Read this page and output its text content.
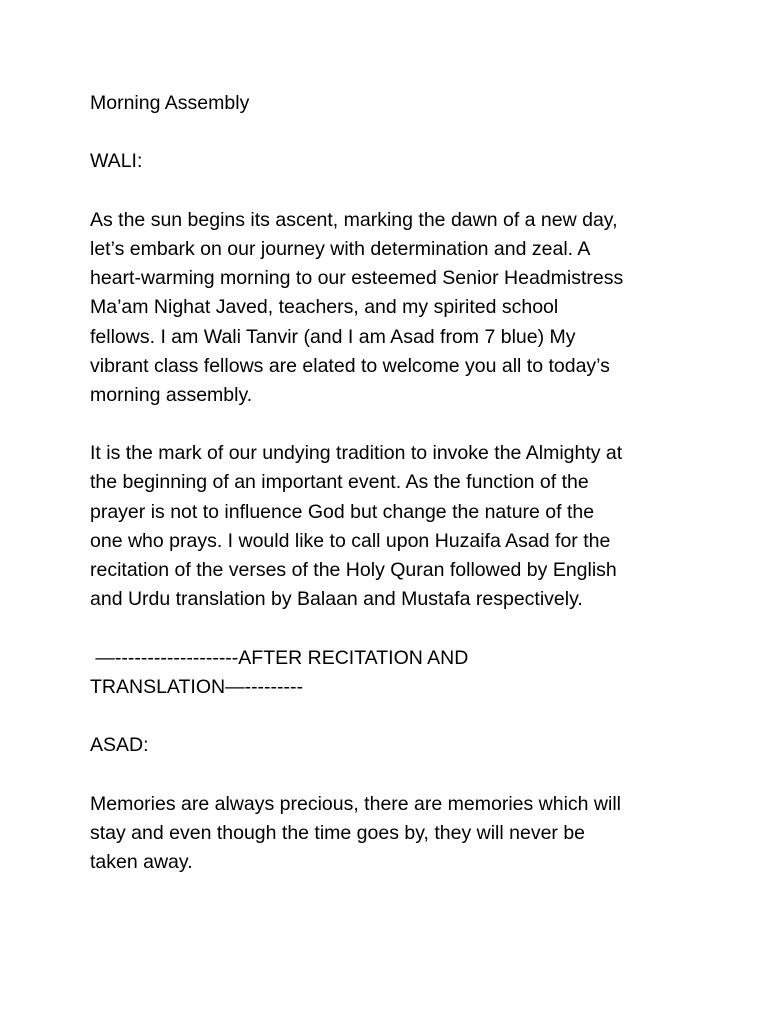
Morning Assembly
WALI:
As the sun begins its ascent, marking the dawn of a new day,
let’s embark on our journey with determination and zeal. A
heart-warming morning to our esteemed Senior Headmistress
Ma’am Nighat Javed, teachers, and my spirited school
fellows. I am Wali Tanvir (and I am Asad from 7 blue) My
vibrant class fellows are elated to welcome you all to today’s
morning assembly.
It is the mark of our undying tradition to invoke the Almighty at
the beginning of an important event. As the function of the
prayer is not to influence God but change the nature of the
one who prays. I would like to call upon Huzaifa Asad for the
recitation of the verses of the Holy Quran followed by English
and Urdu translation by Balaan and Mustafa respectively.
—-------------------AFTER RECITATION AND
TRANSLATION—---------
ASAD:
Memories are always precious, there are memories which will
stay and even though the time goes by, they will never be
taken away.
